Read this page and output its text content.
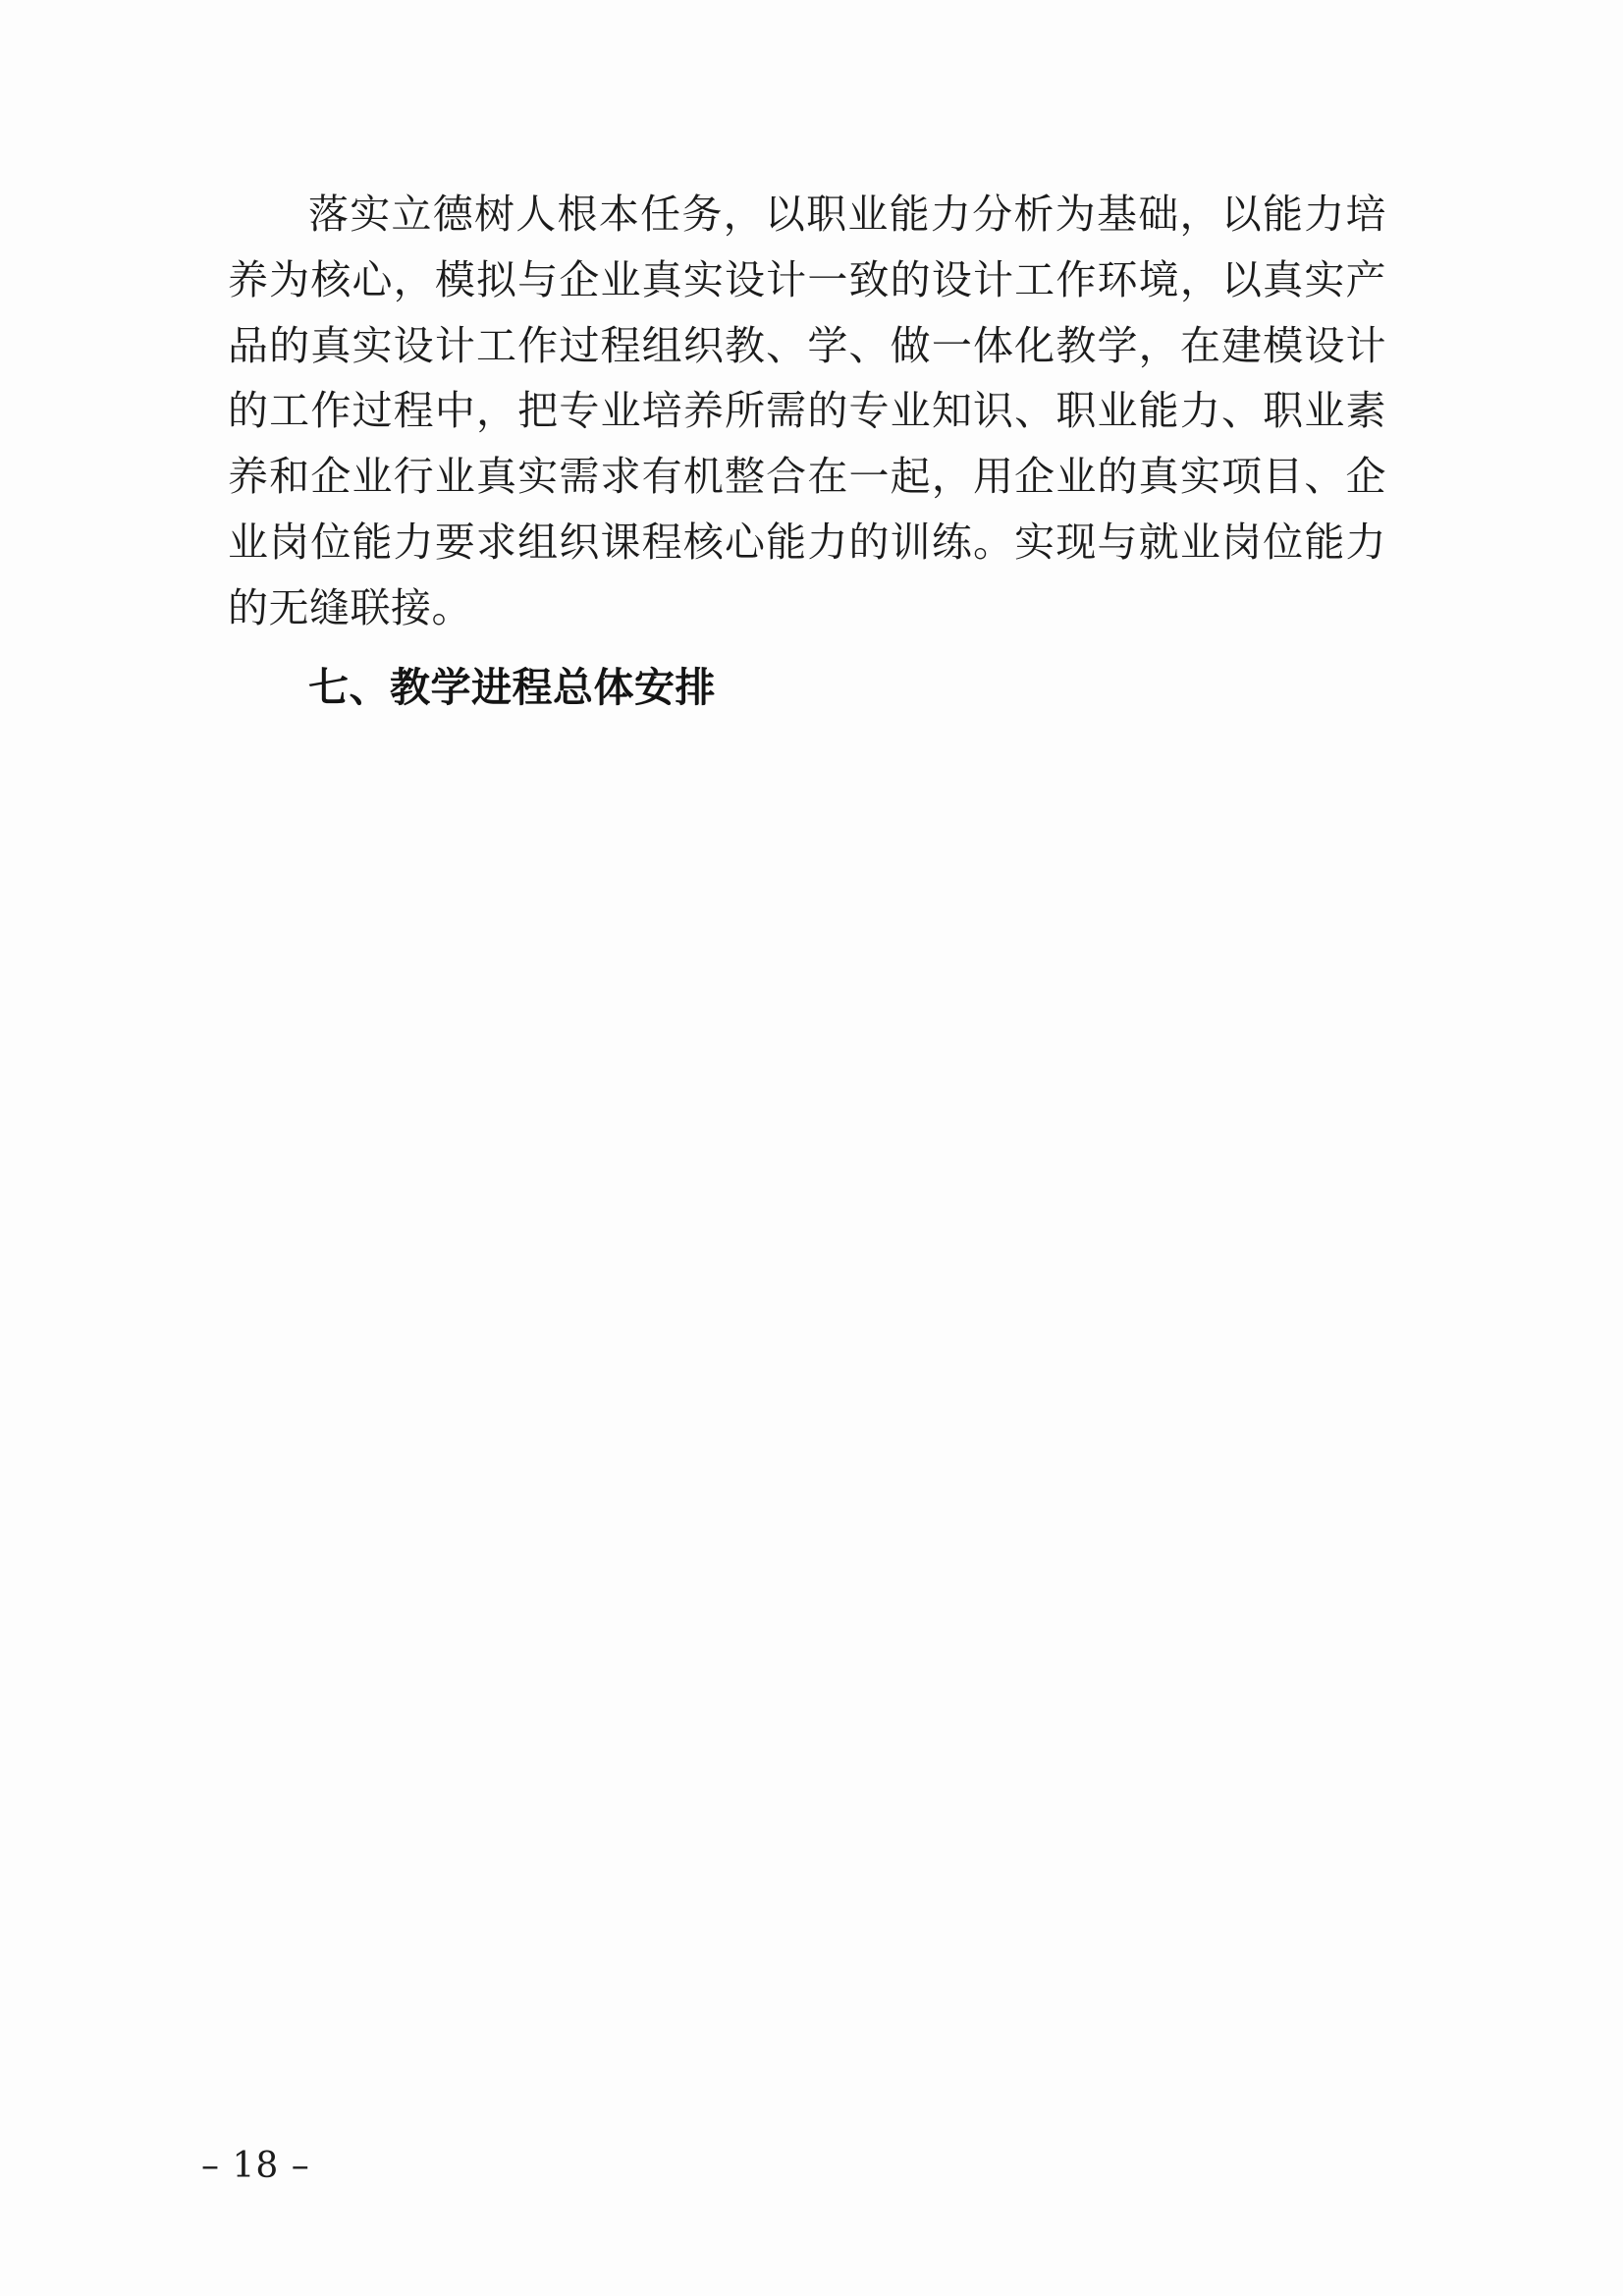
落实立德树人根本任务，以职业能力分析为基础，以能力培养为核心，模拟与企业真实设计一致的设计工作环境，以真实产品的真实设计工作过程组织教、学、做一体化教学，在建模设计的工作过程中，把专业培养所需的专业知识、职业能力、职业素养和企业行业真实需求有机整合在一起，用企业的真实项目、企业岗位能力要求组织课程核心能力的训练。实现与就业岗位能力的无缝联接。

七、教学进程总体安排

– 18 –
